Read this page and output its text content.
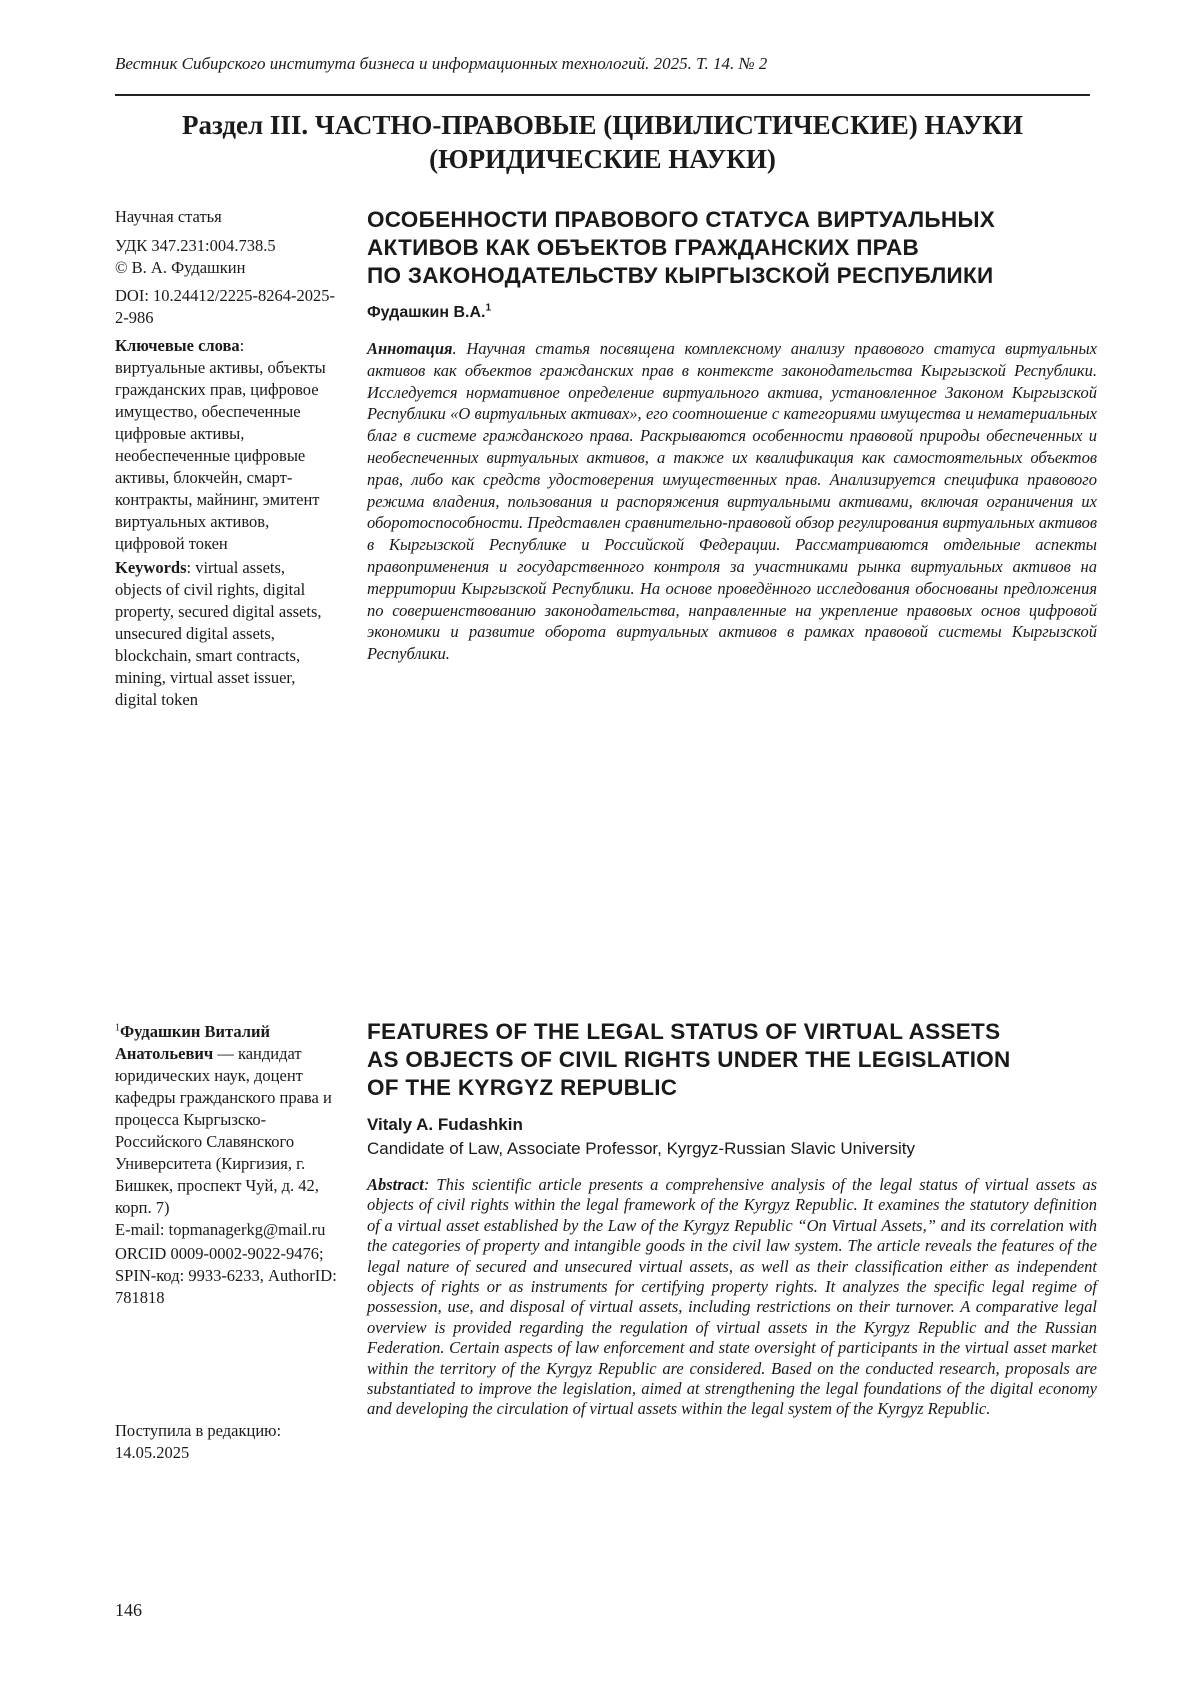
Вестник Сибирского института бизнеса и информационных технологий. 2025. Т. 14. № 2
Раздел III. ЧАСТНО-ПРАВОВЫЕ (ЦИВИЛИСТИЧЕСКИЕ) НАУКИ
(ЮРИДИЧЕСКИЕ НАУКИ)

Научная статья

УДК 347.231:004.738.5

© В. А. Фудашкин

DOI: 10.24412/2225-8264-2025-2-986

Ключевые слова: виртуальные активы, объекты гражданских прав, цифровое имущество, обеспеченные цифровые активы, необеспеченные цифровые активы, блокчейн, смарт-контракты, майнинг, эмитент виртуальных активов, цифровой токен

Keywords: virtual assets, objects of civil rights, digital property, secured digital assets, unsecured digital assets, blockchain, smart contracts, mining, virtual asset issuer, digital token

ОСОБЕННОСТИ ПРАВОВОГО СТАТУСА ВИРТУАЛЬНЫХ
АКТИВОВ КАК ОБЪЕКТОВ ГРАЖДАНСКИХ ПРАВ
ПО ЗАКОНОДАТЕЛЬСТВУ КЫРГЫЗСКОЙ РЕСПУБЛИКИ
Фудашкин В.А.1
Аннотация. Научная статья посвящена комплексному анализу правового статуса виртуальных активов как объектов гражданских прав в контексте законодательства Кыргызской Республики. Исследуется нормативное определение виртуального актива, установленное Законом Кыргызской Республики «О виртуальных активах», его соотношение с категориями имущества и нематериальных благ в системе гражданского права. Раскрываются особенности правовой природы обеспеченных и необеспеченных виртуальных активов, а также их квалификация как самостоятельных объектов прав, либо как средств удостоверения имущественных прав. Анализируется специфика правового режима владения, пользования и распоряжения виртуальными активами, включая ограничения их оборотоспособности. Представлен сравнительно-правовой обзор регулирования виртуальных активов в Кыргызской Республике и Российской Федерации. Рассматриваются отдельные аспекты правоприменения и государственного контроля за участниками рынка виртуальных активов на территории Кыргызской Республики. На основе проведённого исследования обоснованы предложения по совершенствованию законодательства, направленные на укрепление правовых основ цифровой экономики и развитие оборота виртуальных активов в рамках правовой системы Кыргызской Республики.

1Фудашкин Виталий Анатольевич — кандидат юридических наук, доцент кафедры гражданского права и процесса Кыргызско-Российского Славянского Университета (Киргизия, г. Бишкек, проспект Чуй, д. 42, корп. 7)

E-mail: topmanagerkg@mail.ru

ORCID 0009-0002-9022-9476; SPIN-код: 9933-6233, AuthorID: 781818

FEATURES OF THE LEGAL STATUS OF VIRTUAL ASSETS
AS OBJECTS OF CIVIL RIGHTS UNDER THE LEGISLATION
OF THE KYRGYZ REPUBLIC
Vitaly A. Fudashkin
Candidate of Law, Associate Professor, Kyrgyz-Russian Slavic University
Abstract: This scientific article presents a comprehensive analysis of the legal status of virtual assets as objects of civil rights within the legal framework of the Kyrgyz Republic. It examines the statutory definition of a virtual asset established by the Law of the Kyrgyz Republic “On Virtual Assets,” and its correlation with the categories of property and intangible goods in the civil law system. The article reveals the features of the legal nature of secured and unsecured virtual assets, as well as their classification either as independent objects of rights or as instruments for certifying property rights. It analyzes the specific legal regime of possession, use, and disposal of virtual assets, including restrictions on their turnover. A comparative legal overview is provided regarding the regulation of virtual assets in the Kyrgyz Republic and the Russian Federation. Certain aspects of law enforcement and state oversight of participants in the virtual asset market within the territory of the Kyrgyz Republic are considered. Based on the conducted research, proposals are substantiated to improve the legislation, aimed at strengthening the legal foundations of the digital economy and developing the circulation of virtual assets within the legal system of the Kyrgyz Republic.

Поступила в редакцию:

14.05.2025

146
